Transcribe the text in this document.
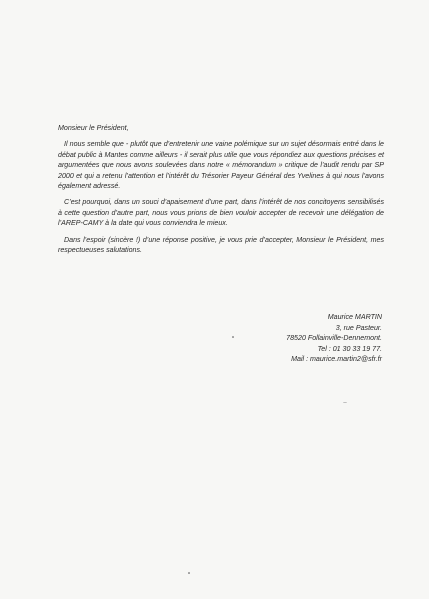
Monsieur le Président,

Il nous semble que - plutôt que d’entretenir une vaine polémique sur un sujet désormais entré dans le débat public à Mantes comme ailleurs - il serait plus utile que vous répondiez aux questions précises et argumentées que nous avons soulevées dans notre « mémorandum » critique de l’audit rendu par SP 2000 et qui a retenu l’attention et l’intérêt du Trésorier Payeur Général des Yvelines à qui nous l’avons également adressé.

C’est pourquoi, dans un souci d’apaisement d’une part, dans l’intérêt de nos concitoyens sensibilisés à cette question d’autre part, nous vous prions de bien vouloir accepter de recevoir une délégation de l’AREP-CAMY à la date qui vous conviendra le mieux.

Dans l’espoir (sincère !) d’une réponse positive, je vous prie d’accepter, Monsieur le Président, mes respectueuses salutations.

Maurice MARTIN
3, rue Pasteur.
78520 Follainville-Dennemont.
Tel : 01 30 33 19 77.
Mail : maurice.martin2@sfr.fr
